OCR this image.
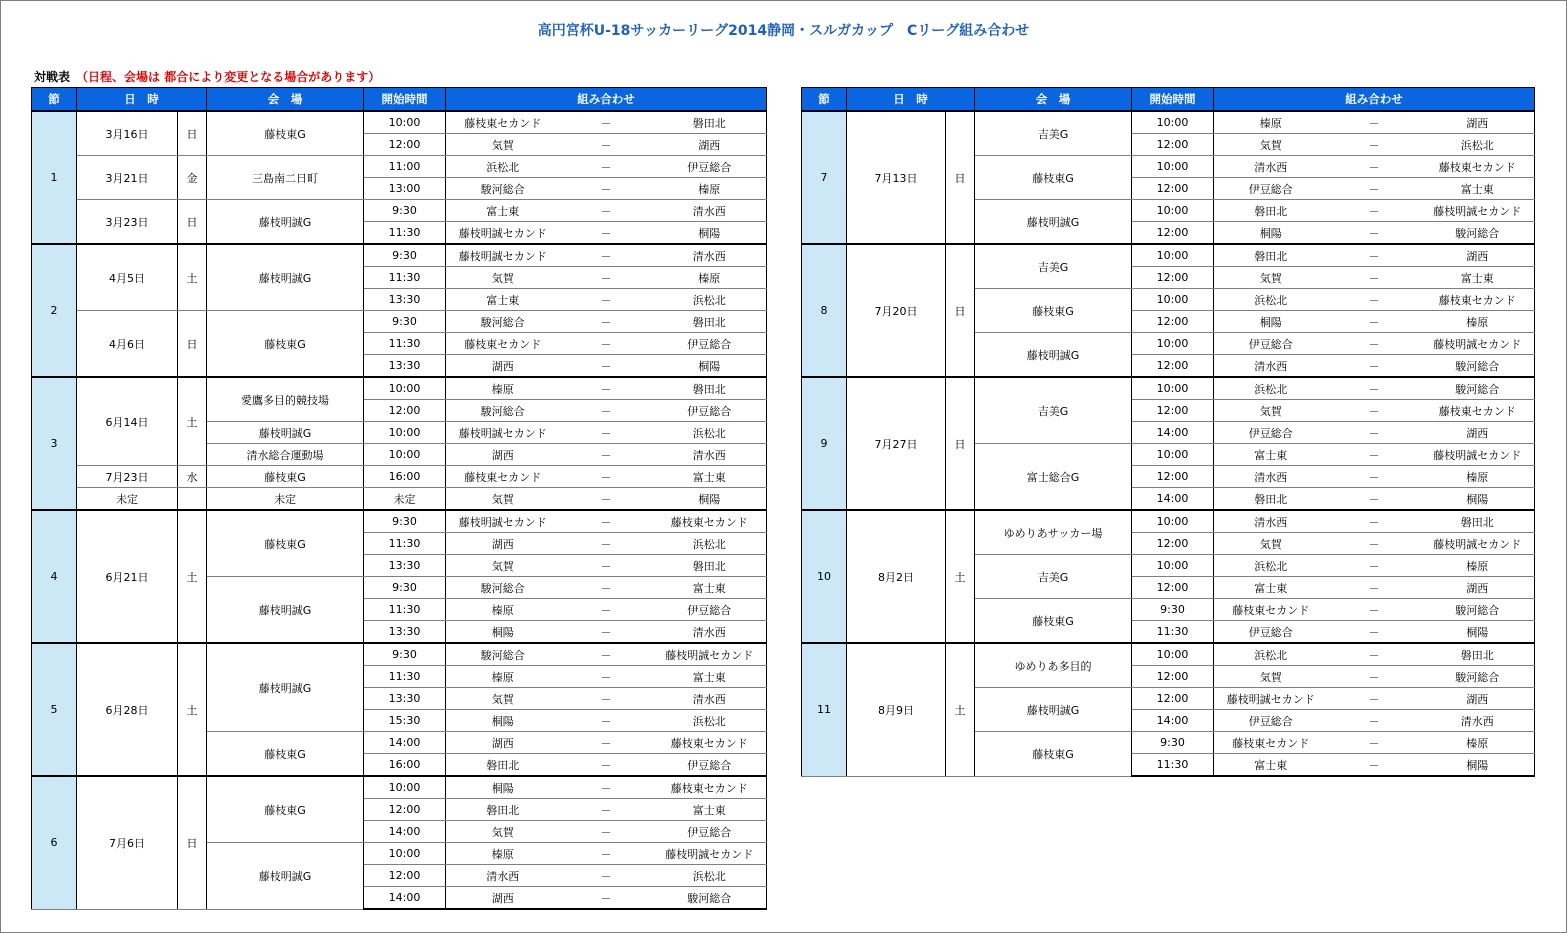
高円宮杯U-18サッカーリーグ2014静岡・スルガカップ　Cリーグ組み合わせ
対戦表 （日程、会場は 都合により変更となる場合があります）
節	日　時		会　場	開始時間	組み合わせ		
1	3月16日	日	藤枝東G	10:00	藤枝東セカンド	－	磐田北
				12:00	気賀	－	湖西
	3月21日	金	三島南二日町	11:00	浜松北	－	伊豆総合
				13:00	駿河総合	－	榛原
	3月23日	日	藤枝明誠G	9:30	富士東	－	清水西
				11:30	藤枝明誠セカンド	－	桐陽
2	4月5日	土	藤枝明誠G	9:30	藤枝明誠セカンド	－	清水西
				11:30	気賀	－	榛原
				13:30	富士東	－	浜松北
	4月6日	日	藤枝東G	9:30	駿河総合	－	磐田北
				11:30	藤枝東セカンド	－	伊豆総合
				13:30	湖西	－	桐陽
3	6月14日	土	愛鷹多目的競技場	10:00	榛原	－	磐田北
				12:00	駿河総合	－	伊豆総合
			藤枝明誠G	10:00	藤枝明誠セカンド	－	浜松北
			清水総合運動場	10:00	湖西	－	清水西
	7月23日	水	藤枝東G	16:00	藤枝東セカンド	－	富士東
	未定		未定	未定	気賀	－	桐陽
4	6月21日	土	藤枝東G	9:30	藤枝明誠セカンド	－	藤枝東セカンド
				11:30	湖西	－	浜松北
				13:30	気賀	－	磐田北
			藤枝明誠G	9:30	駿河総合	－	富士東
				11:30	榛原	－	伊豆総合
				13:30	桐陽	－	清水西
5	6月28日	土	藤枝明誠G	9:30	駿河総合	－	藤枝明誠セカンド
				11:30	榛原	－	富士東
				13:30	気賀	－	清水西
				15:30	桐陽	－	浜松北
			藤枝東G	14:00	湖西	－	藤枝東セカンド
				16:00	磐田北	－	伊豆総合
6	7月6日	日	藤枝東G	10:00	桐陽	－	藤枝東セカンド
				12:00	磐田北	－	富士東
				14:00	気賀	－	伊豆総合
			藤枝明誠G	10:00	榛原	－	藤枝明誠セカンド
				12:00	清水西	－	浜松北
				14:00	湖西	－	駿河総合
節	日　時		会　場	開始時間	組み合わせ		
7	7月13日	日	吉美G	10:00	榛原	－	湖西
				12:00	気賀	－	浜松北
			藤枝東G	10:00	清水西	－	藤枝東セカンド
				12:00	伊豆総合	－	富士東
			藤枝明誠G	10:00	磐田北	－	藤枝明誠セカンド
				12:00	桐陽	－	駿河総合
8	7月20日	日	吉美G	10:00	磐田北	－	湖西
				12:00	気賀	－	富士東
			藤枝東G	10:00	浜松北	－	藤枝東セカンド
				12:00	桐陽	－	榛原
			藤枝明誠G	10:00	伊豆総合	－	藤枝明誠セカンド
				12:00	清水西	－	駿河総合
9	7月27日	日	吉美G	10:00	浜松北	－	駿河総合
				12:00	気賀	－	藤枝東セカンド
				14:00	伊豆総合	－	湖西
			富士総合G	10:00	富士東	－	藤枝明誠セカンド
				12:00	清水西	－	榛原
				14:00	磐田北	－	桐陽
10	8月2日	土	ゆめりあサッカー場	10:00	清水西	－	磐田北
				12:00	気賀	－	藤枝明誠セカンド
			吉美G	10:00	浜松北	－	榛原
				12:00	富士東	－	湖西
			藤枝東G	9:30	藤枝東セカンド	－	駿河総合
				11:30	伊豆総合	－	桐陽
11	8月9日	土	ゆめりあ多目的	10:00	浜松北	－	磐田北
				12:00	気賀	－	駿河総合
			藤枝明誠G	12:00	藤枝明誠セカンド	－	湖西
				14:00	伊豆総合	－	清水西
			藤枝東G	9:30	藤枝東セカンド	－	榛原
				11:30	富士東	－	桐陽
